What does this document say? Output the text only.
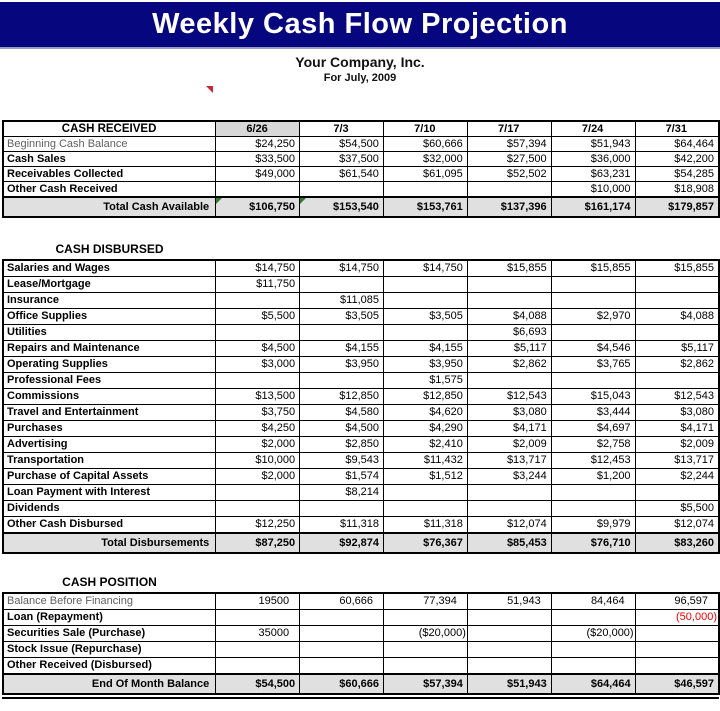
Weekly Cash Flow Projection
Your Company, Inc.
For July, 2009
CASH RECEIVED	6/26	7/3	7/10	7/17	7/24	7/31
Beginning Cash Balance	$24,250	$54,500	$60,666	$57,394	$51,943	$64,464
Cash Sales	$33,500	$37,500	$32,000	$27,500	$36,000	$42,200
Receivables Collected	$49,000	$61,540	$61,095	$52,502	$63,231	$54,285
Other Cash Received					$10,000	$18,908
Total Cash Available	$106,750	$153,540	$153,761	$137,396	$161,174	$179,857
CASH DISBURSED
Salaries and Wages	$14,750	$14,750	$14,750	$15,855	$15,855	$15,855
Lease/Mortgage	$11,750					
Insurance		$11,085				
Office Supplies	$5,500	$3,505	$3,505	$4,088	$2,970	$4,088
Utilities				$6,693		
Repairs and Maintenance	$4,500	$4,155	$4,155	$5,117	$4,546	$5,117
Operating Supplies	$3,000	$3,950	$3,950	$2,862	$3,765	$2,862
Professional Fees			$1,575			
Commissions	$13,500	$12,850	$12,850	$12,543	$15,043	$12,543
Travel and Entertainment	$3,750	$4,580	$4,620	$3,080	$3,444	$3,080
Purchases	$4,250	$4,500	$4,290	$4,171	$4,697	$4,171
Advertising	$2,000	$2,850	$2,410	$2,009	$2,758	$2,009
Transportation	$10,000	$9,543	$11,432	$13,717	$12,453	$13,717
Purchase of Capital Assets	$2,000	$1,574	$1,512	$3,244	$1,200	$2,244
Loan Payment with Interest		$8,214				
Dividends						$5,500
Other Cash Disbursed	$12,250	$11,318	$11,318	$12,074	$9,979	$12,074
Total Disbursements	$87,250	$92,874	$76,367	$85,453	$76,710	$83,260
CASH POSITION
Balance Before Financing	19500	60,666	77,394	51,943	84,464	96,597
Loan (Repayment)						(50,000)
Securities Sale (Purchase)	35000		($20,000)		($20,000)	
Stock Issue (Repurchase)						
Other Received (Disbursed)						
End Of Month Balance	$54,500	$60,666	$57,394	$51,943	$64,464	$46,597
